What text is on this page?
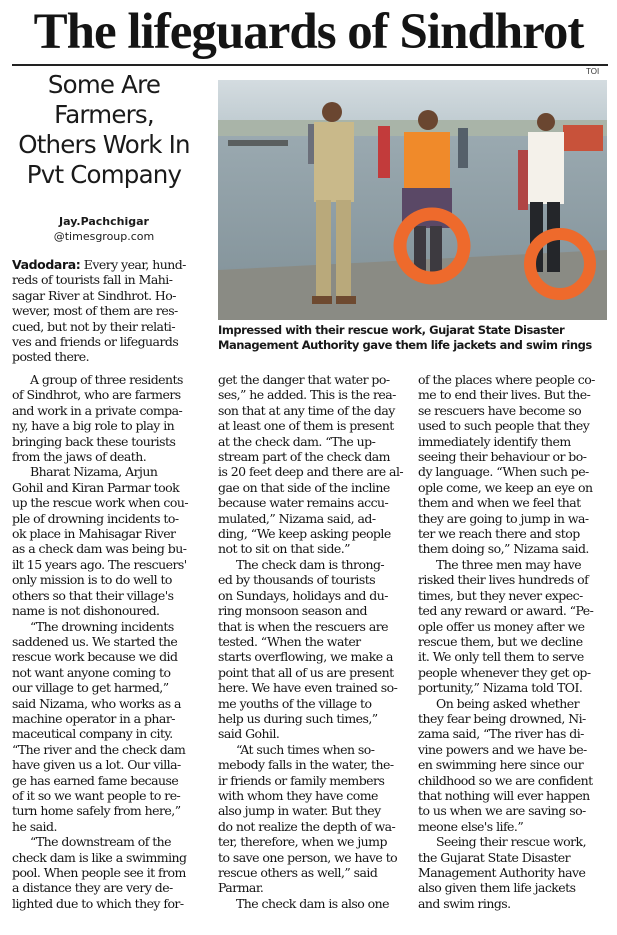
The lifeguards of Sindhrot
TOI
Some Are
Farmers,
Others Work In
Pvt Company
Jay.Pachchigar
@timesgroup.com
Impressed with their rescue work, Gujarat State Disaster
Management Authority gave them life jackets and swim rings
Vadodara: Every year, hund-
reds of tourists fall in Mahi-
sagar River at Sindhrot. Ho-
wever, most of them are res-
cued, but not by their relati-
ves and friends or lifeguards
posted there.
A group of three residents
of Sindhrot, who are farmers
and work in a private compa-
ny, have a big role to play in
bringing back these tourists
from the jaws of death.
Bharat Nizama, Arjun
Gohil and Kiran Parmar took
up the rescue work when cou-
ple of drowning incidents to-
ok place in Mahisagar River
as a check dam was being bu-
ilt 15 years ago. The rescuers'
only mission is to do well to
others so that their village's
name is not dishonoured.
“The drowning incidents
saddened us. We started the
rescue work because we did
not want anyone coming to
our village to get harmed,”
said Nizama, who works as a
machine operator in a phar-
maceutical company in city.
“The river and the check dam
have given us a lot. Our villa-
ge has earned fame because
of it so we want people to re-
turn home safely from here,”
he said.
“The downstream of the
check dam is like a swimming
pool. When people see it from
a distance they are very de-
lighted due to which they for-
get the danger that water po-
ses,” he added. This is the rea-
son that at any time of the day
at least one of them is present
at the check dam. “The up-
stream part of the check dam
is 20 feet deep and there are al-
gae on that side of the incline
because water remains accu-
mulated,” Nizama said, ad-
ding, “We keep asking people
not to sit on that side.”
The check dam is throng-
ed by thousands of tourists
on Sundays, holidays and du-
ring monsoon season and
that is when the rescuers are
tested. “When the water
starts overflowing, we make a
point that all of us are present
here. We have even trained so-
me youths of the village to
help us during such times,”
said Gohil.
“At such times when so-
mebody falls in the water, the-
ir friends or family members
with whom they have come
also jump in water. But they
do not realize the depth of wa-
ter, therefore, when we jump
to save one person, we have to
rescue others as well,” said
Parmar.
The check dam is also one
of the places where people co-
me to end their lives. But the-
se rescuers have become so
used to such people that they
immediately identify them
seeing their behaviour or bo-
dy language. “When such pe-
ople come, we keep an eye on
them and when we feel that
they are going to jump in wa-
ter we reach there and stop
them doing so,” Nizama said.
The three men may have
risked their lives hundreds of
times, but they never expec-
ted any reward or award. “Pe-
ople offer us money after we
rescue them, but we decline
it. We only tell them to serve
people whenever they get op-
portunity,” Nizama told TOI.
On being asked whether
they fear being drowned, Ni-
zama said, “The river has di-
vine powers and we have be-
en swimming here since our
childhood so we are confident
that nothing will ever happen
to us when we are saving so-
meone else's life.”
Seeing their rescue work,
the Gujarat State Disaster
Management Authority have
also given them life jackets
and swim rings.
